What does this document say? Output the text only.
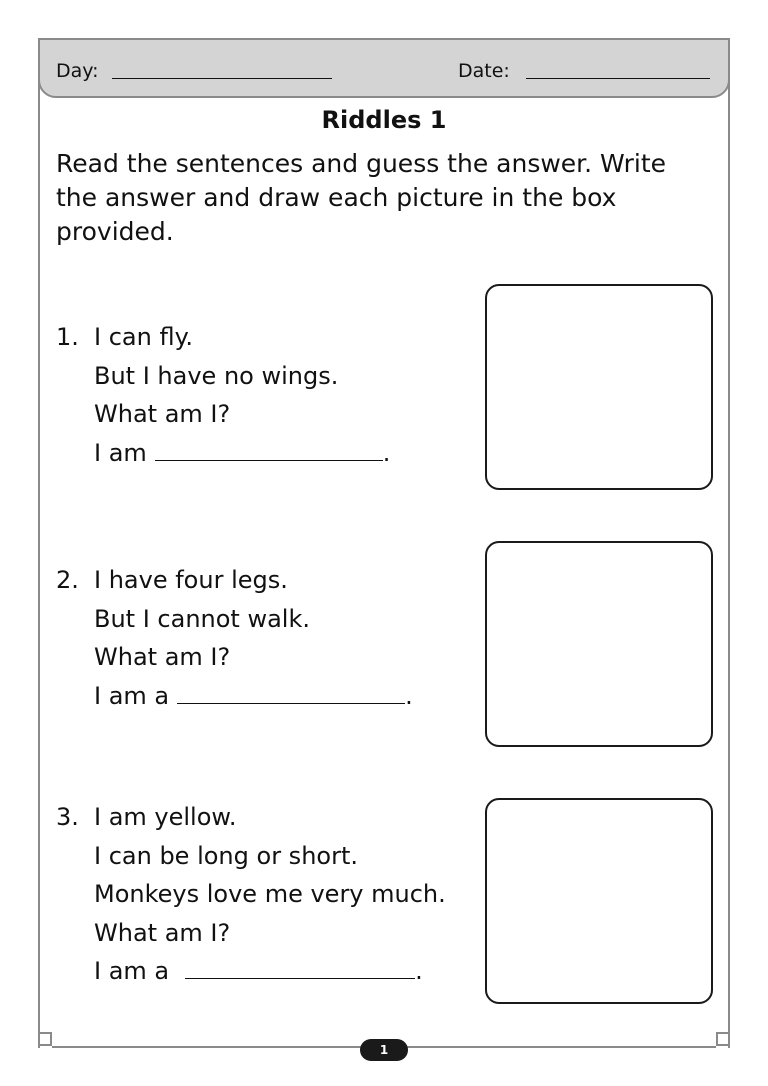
Day:	Date:
Riddles 1
Read the sentences and guess the answer. Write the answer and draw each picture in the box provided.
1. I can fly.
But I have no wings.
What am I?
I am	.
2. I have four legs.
But I cannot walk.
What am I?
I am a	.
3. I am yellow.
I can be long or short.
Monkeys love me very much.
What am I?
I am a	.
1
